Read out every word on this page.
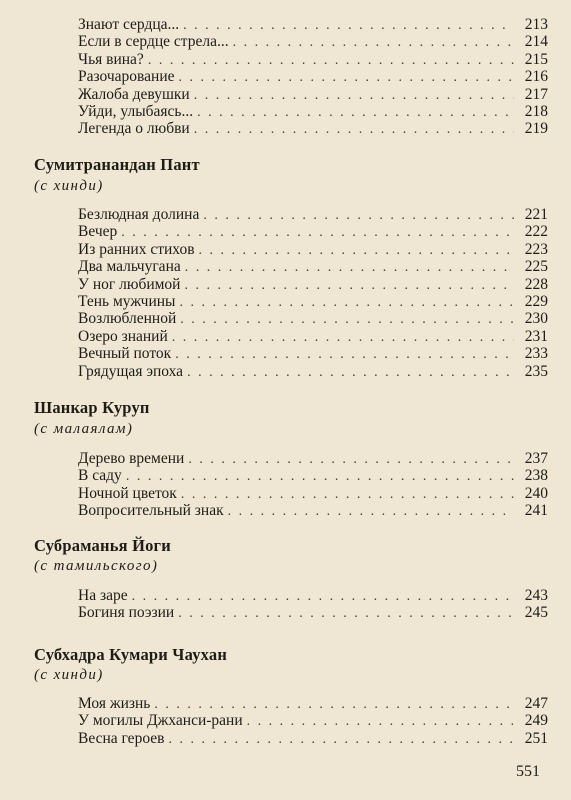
Знают сердца... . . .	213
Если в сердце стрела... . . .	214
Чья вина? . . .	215
Разочарование . . .	216
Жалоба девушки . . .	217
Уйди, улыбаясь... . . .	218
Легенда о любви . . .	219
Сумитранандан Пант
(с хинди)
Безлюдная долина . . .	221
Вечер . . .	222
Из ранних стихов . . .	223
Два мальчугана . . .	225
У ног любимой . . .	228
Тень мужчины . . .	229
Возлюбленной . . .	230
Озеро знаний . . .	231
Вечный поток . . .	233
Грядущая эпоха . . .	235
Шанкар Куруп
(с малаялам)
Дерево времени . . .	237
В саду . . .	238
Ночной цветок . . .	240
Вопросительный знак . . .	241
Субраманья Йоги
(с тамильского)
На заре . . .	243
Богиня поэзии . . .	245
Субхадра Кумари Чаухан
(с хинди)
Моя жизнь . . .	247
У могилы Джханси-рани . . .	249
Весна героев . . .	251
551
